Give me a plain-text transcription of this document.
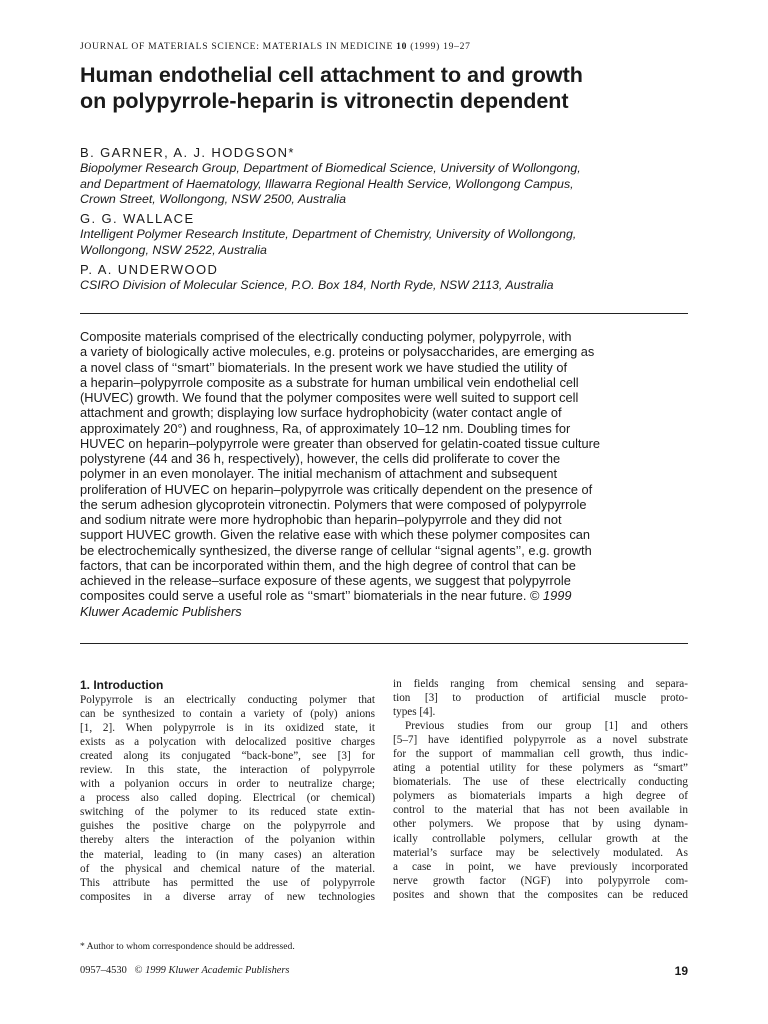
JOURNAL OF MATERIALS SCIENCE: MATERIALS IN MEDICINE 10 (1999) 19–27
Human endothelial cell attachment to and growth
on polypyrrole-heparin is vitronectin dependent
B. GARNER, A. J. HODGSON*
Biopolymer Research Group, Department of Biomedical Science, University of Wollongong,
and Department of Haematology, Illawarra Regional Health Service, Wollongong Campus,
Crown Street, Wollongong, NSW 2500, Australia
G. G. WALLACE
Intelligent Polymer Research Institute, Department of Chemistry, University of Wollongong,
Wollongong, NSW 2522, Australia
P. A. UNDERWOOD
CSIRO Division of Molecular Science, P.O. Box 184, North Ryde, NSW 2113, Australia
Composite materials comprised of the electrically conducting polymer, polypyrrole, with
a variety of biologically active molecules, e.g. proteins or polysaccharides, are emerging as
a novel class of ‘‘smart’’ biomaterials. In the present work we have studied the utility of
a heparin–polypyrrole composite as a substrate for human umbilical vein endothelial cell
(HUVEC) growth. We found that the polymer composites were well suited to support cell
attachment and growth; displaying low surface hydrophobicity (water contact angle of
approximately 20°) and roughness, Ra, of approximately 10–12 nm. Doubling times for
HUVEC on heparin–polypyrrole were greater than observed for gelatin-coated tissue culture
polystyrene (44 and 36 h, respectively), however, the cells did proliferate to cover the
polymer in an even monolayer. The initial mechanism of attachment and subsequent
proliferation of HUVEC on heparin–polypyrrole was critically dependent on the presence of
the serum adhesion glycoprotein vitronectin. Polymers that were composed of polypyrrole
and sodium nitrate were more hydrophobic than heparin–polypyrrole and they did not
support HUVEC growth. Given the relative ease with which these polymer composites can
be electrochemically synthesized, the diverse range of cellular ‘‘signal agents’’, e.g. growth
factors, that can be incorporated within them, and the high degree of control that can be
achieved in the release–surface exposure of these agents, we suggest that polypyrrole
composites could serve a useful role as ‘‘smart’’ biomaterials in the near future. © 1999
Kluwer Academic Publishers
1. Introduction
Polypyrrole is an electrically conducting polymer that
can be synthesized to contain a variety of (poly) anions
[1, 2]. When polypyrrole is in its oxidized state, it
exists as a polycation with delocalized positive charges
created along its conjugated “back-bone”, see [3] for
review. In this state, the interaction of polypyrrole
with a polyanion occurs in order to neutralize charge;
a process also called doping. Electrical (or chemical)
switching of the polymer to its reduced state extin-
guishes the positive charge on the polypyrrole and
thereby alters the interaction of the polyanion within
the material, leading to (in many cases) an alteration
of the physical and chemical nature of the material.
This attribute has permitted the use of polypyrrole
composites in a diverse array of new technologies
in fields ranging from chemical sensing and separa-
tion [3] to production of artificial muscle proto-
types [4].
Previous studies from our group [1] and others
[5–7] have identified polypyrrole as a novel substrate
for the support of mammalian cell growth, thus indic-
ating a potential utility for these polymers as “smart”
biomaterials. The use of these electrically conducting
polymers as biomaterials imparts a high degree of
control to the material that has not been available in
other polymers. We propose that by using dynam-
ically controllable polymers, cellular growth at the
material’s surface may be selectively modulated. As
a case in point, we have previously incorporated
nerve growth factor (NGF) into polypyrrole com-
posites and shown that the composites can be reduced
* Author to whom correspondence should be addressed.
0957–4530 © 1999 Kluwer Academic Publishers	19
